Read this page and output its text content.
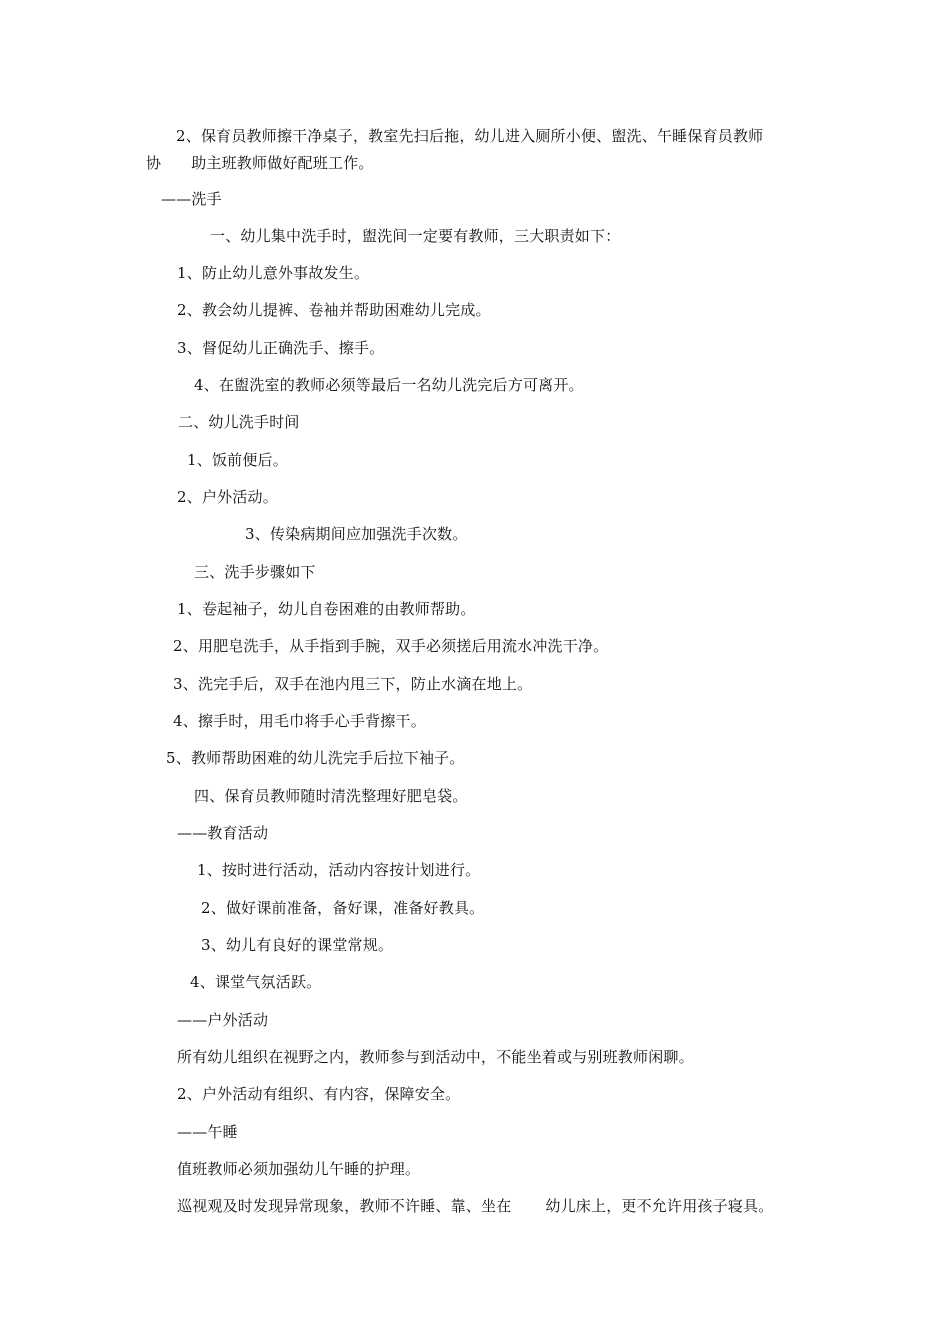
2、保育员教师擦干净桌子，教室先扫后拖，幼儿进入厕所小便、盥洗、午睡保育员教师
协 助主班教师做好配班工作。
——洗手
一、幼儿集中洗手时，盥洗间一定要有教师，三大职责如下：
1、防止幼儿意外事故发生。
2、教会幼儿提裤、卷袖并帮助困难幼儿完成。
3、督促幼儿正确洗手、擦手。
4、在盥洗室的教师必须等最后一名幼儿洗完后方可离开。
二、幼儿洗手时间
1、饭前便后。
2、户外活动。
3、传染病期间应加强洗手次数。
三、洗手步骤如下
1、卷起袖子，幼儿自卷困难的由教师帮助。
2、用肥皂洗手，从手指到手腕，双手必须搓后用流水冲洗干净。
3、洗完手后，双手在池内甩三下，防止水滴在地上。
4、擦手时，用毛巾将手心手背擦干。
5、教师帮助困难的幼儿洗完手后拉下袖子。
四、保育员教师随时清洗整理好肥皂袋。
——教育活动
1、按时进行活动，活动内容按计划进行。
2、做好课前准备，备好课，准备好教具。
3、幼儿有良好的课堂常规。
4、课堂气氛活跃。
——户外活动
所有幼儿组织在视野之内，教师参与到活动中，不能坐着或与别班教师闲聊。
2、户外活动有组织、有内容，保障安全。
——午睡
值班教师必须加强幼儿午睡的护理。
巡视观及时发现异常现象，教师不许睡、靠、坐在 幼儿床上，更不允许用孩子寝具。
